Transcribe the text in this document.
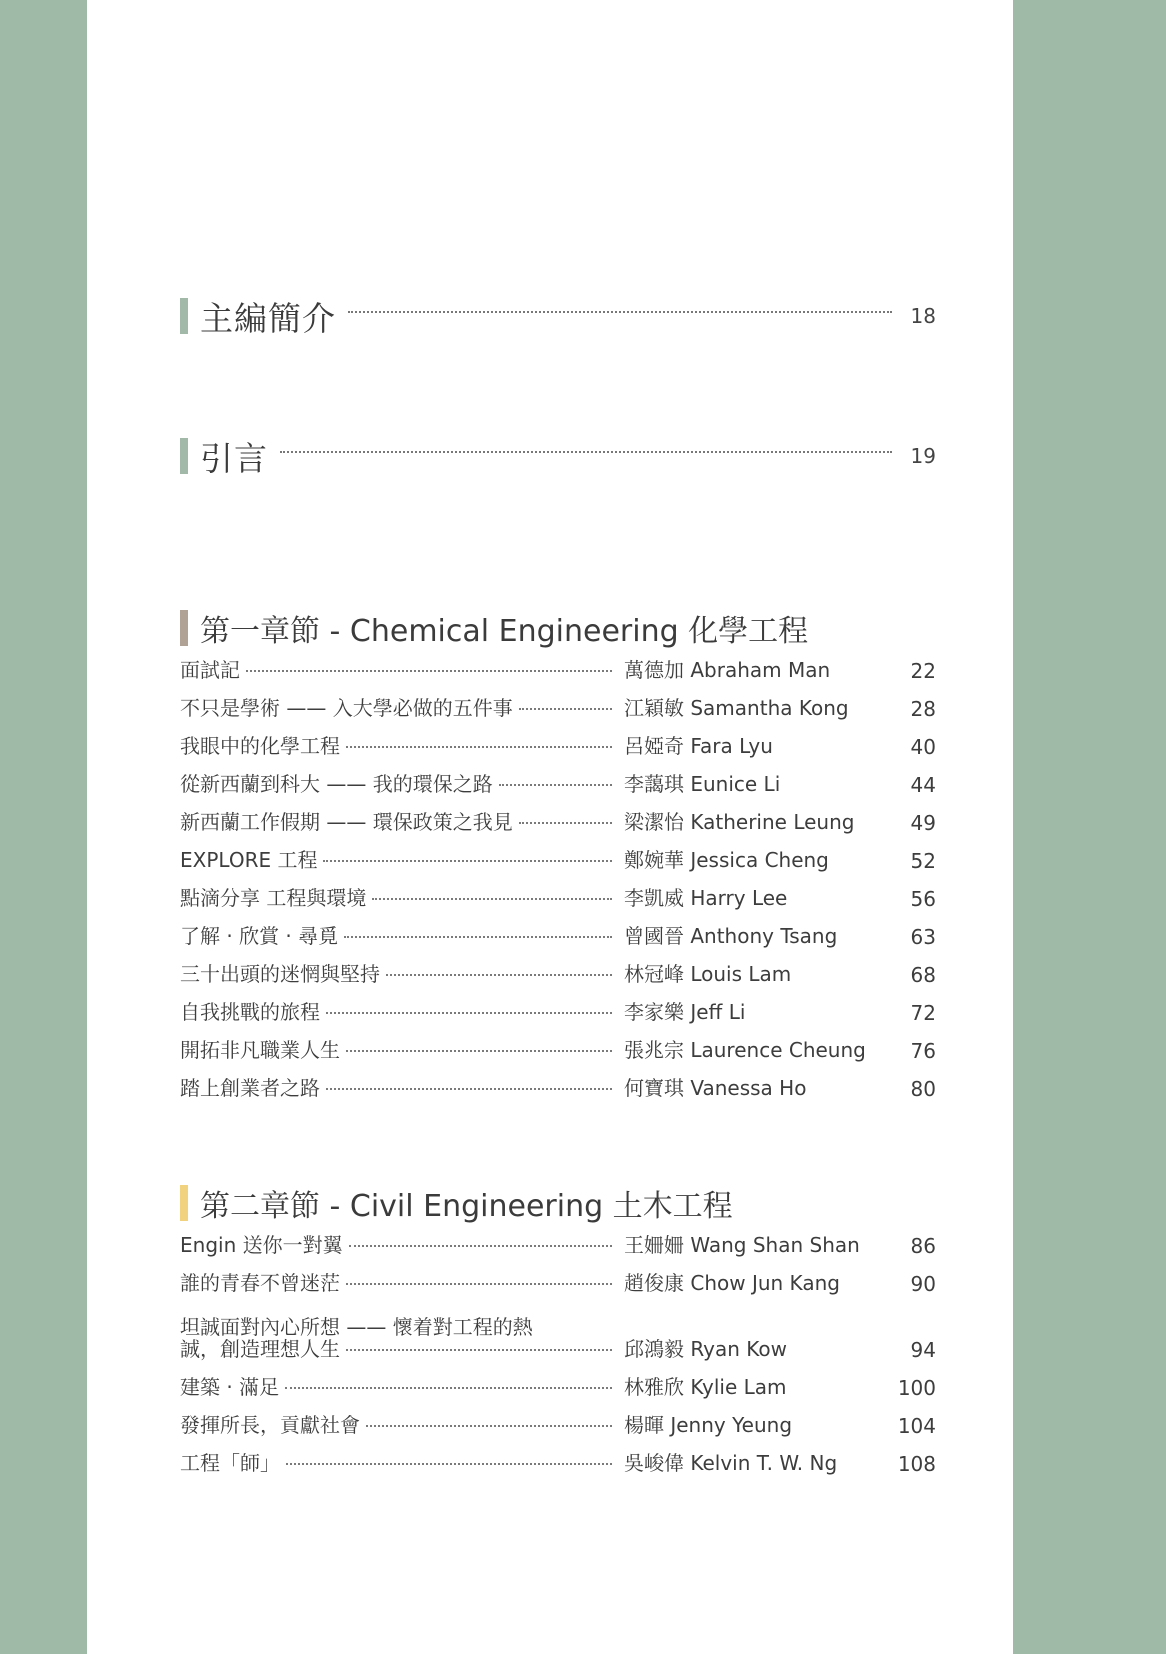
主編簡介	18
引言	19
第一章節 - Chemical Engineering 化學工程
面試記	萬德加 Abraham Man	22
不只是學術 —— 入大學必做的五件事	江穎敏 Samantha Kong	28
我眼中的化學工程	呂婭奇 Fara Lyu	40
從新西蘭到科大 —— 我的環保之路	李藹琪 Eunice Li	44
新西蘭工作假期 —— 環保政策之我見	梁潔怡 Katherine Leung	49
EXPLORE 工程	鄭婉華 Jessica Cheng	52
點滴分享 工程與環境	李凱威 Harry Lee	56
了解 · 欣賞 · 尋覓	曾國晉 Anthony Tsang	63
三十出頭的迷惘與堅持	林冠峰 Louis Lam	68
自我挑戰的旅程	李家樂 Jeff Li	72
開拓非凡職業人生	張兆宗 Laurence Cheung 76
踏上創業者之路	何寶琪 Vanessa Ho	80
第二章節 - Civil Engineering 土木工程
Engin 送你一對翼	王姍姍 Wang Shan Shan	86
誰的青春不曾迷茫	趙俊康 Chow Jun Kang	90
坦誠面對內心所想 —— 懷着對工程的熱
誠，創造理想人生	邱鴻毅 Ryan Kow	94
建築 · 滿足	林雅欣 Kylie Lam	100
發揮所長，貢獻社會	楊暉 Jenny Yeung	104
工程「師」	吳峻偉 Kelvin T. W. Ng	108
